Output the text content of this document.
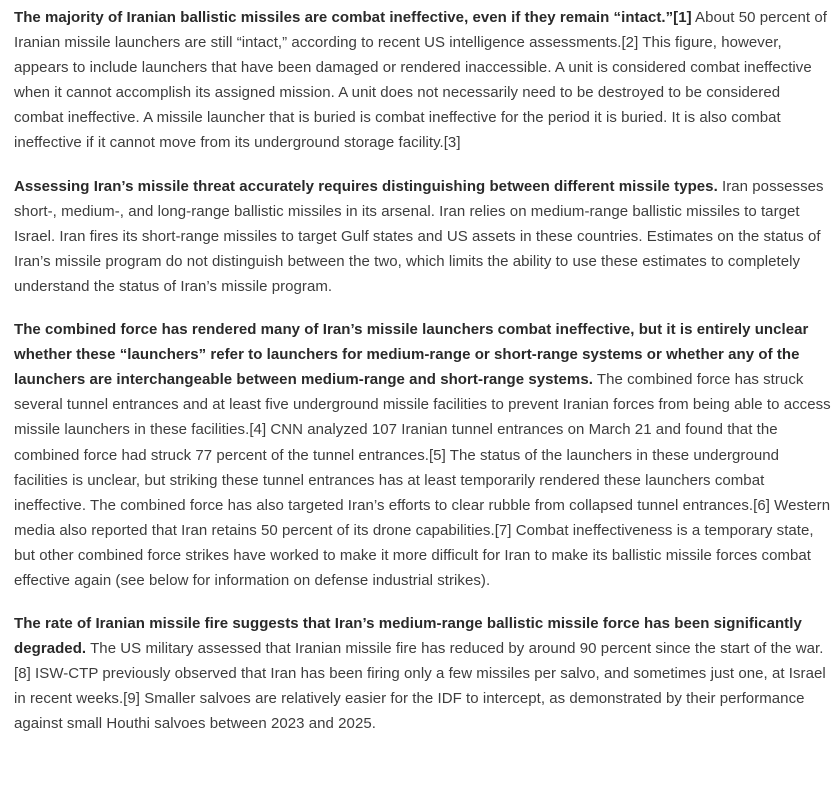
The majority of Iranian ballistic missiles are combat ineffective, even if they remain “intact.”[1] About 50 percent of Iranian missile launchers are still “intact,” according to recent US intelligence assessments.[2] This figure, however, appears to include launchers that have been damaged or rendered inaccessible. A unit is considered combat ineffective when it cannot accomplish its assigned mission. A unit does not necessarily need to be destroyed to be considered combat ineffective. A missile launcher that is buried is combat ineffective for the period it is buried. It is also combat ineffective if it cannot move from its underground storage facility.[3]

Assessing Iran’s missile threat accurately requires distinguishing between different missile types. Iran possesses short-, medium-, and long-range ballistic missiles in its arsenal. Iran relies on medium-range ballistic missiles to target Israel. Iran fires its short-range missiles to target Gulf states and US assets in these countries. Estimates on the status of Iran’s missile program do not distinguish between the two, which limits the ability to use these estimates to completely understand the status of Iran’s missile program.

The combined force has rendered many of Iran’s missile launchers combat ineffective, but it is entirely unclear whether these “launchers” refer to launchers for medium-range or short-range systems or whether any of the launchers are interchangeable between medium-range and short-range systems. The combined force has struck several tunnel entrances and at least five underground missile facilities to prevent Iranian forces from being able to access missile launchers in these facilities.[4] CNN analyzed 107 Iranian tunnel entrances on March 21 and found that the combined force had struck 77 percent of the tunnel entrances.[5] The status of the launchers in these underground facilities is unclear, but striking these tunnel entrances has at least temporarily rendered these launchers combat ineffective. The combined force has also targeted Iran’s efforts to clear rubble from collapsed tunnel entrances.[6] Western media also reported that Iran retains 50 percent of its drone capabilities.[7] Combat ineffectiveness is a temporary state, but other combined force strikes have worked to make it more difficult for Iran to make its ballistic missile forces combat effective again (see below for information on defense industrial strikes).

The rate of Iranian missile fire suggests that Iran’s medium-range ballistic missile force has been significantly degraded. The US military assessed that Iranian missile fire has reduced by around 90 percent since the start of the war.[8] ISW-CTP previously observed that Iran has been firing only a few missiles per salvo, and sometimes just one, at Israel in recent weeks.[9] Smaller salvoes are relatively easier for the IDF to intercept, as demonstrated by their performance against small Houthi salvoes between 2023 and 2025.
